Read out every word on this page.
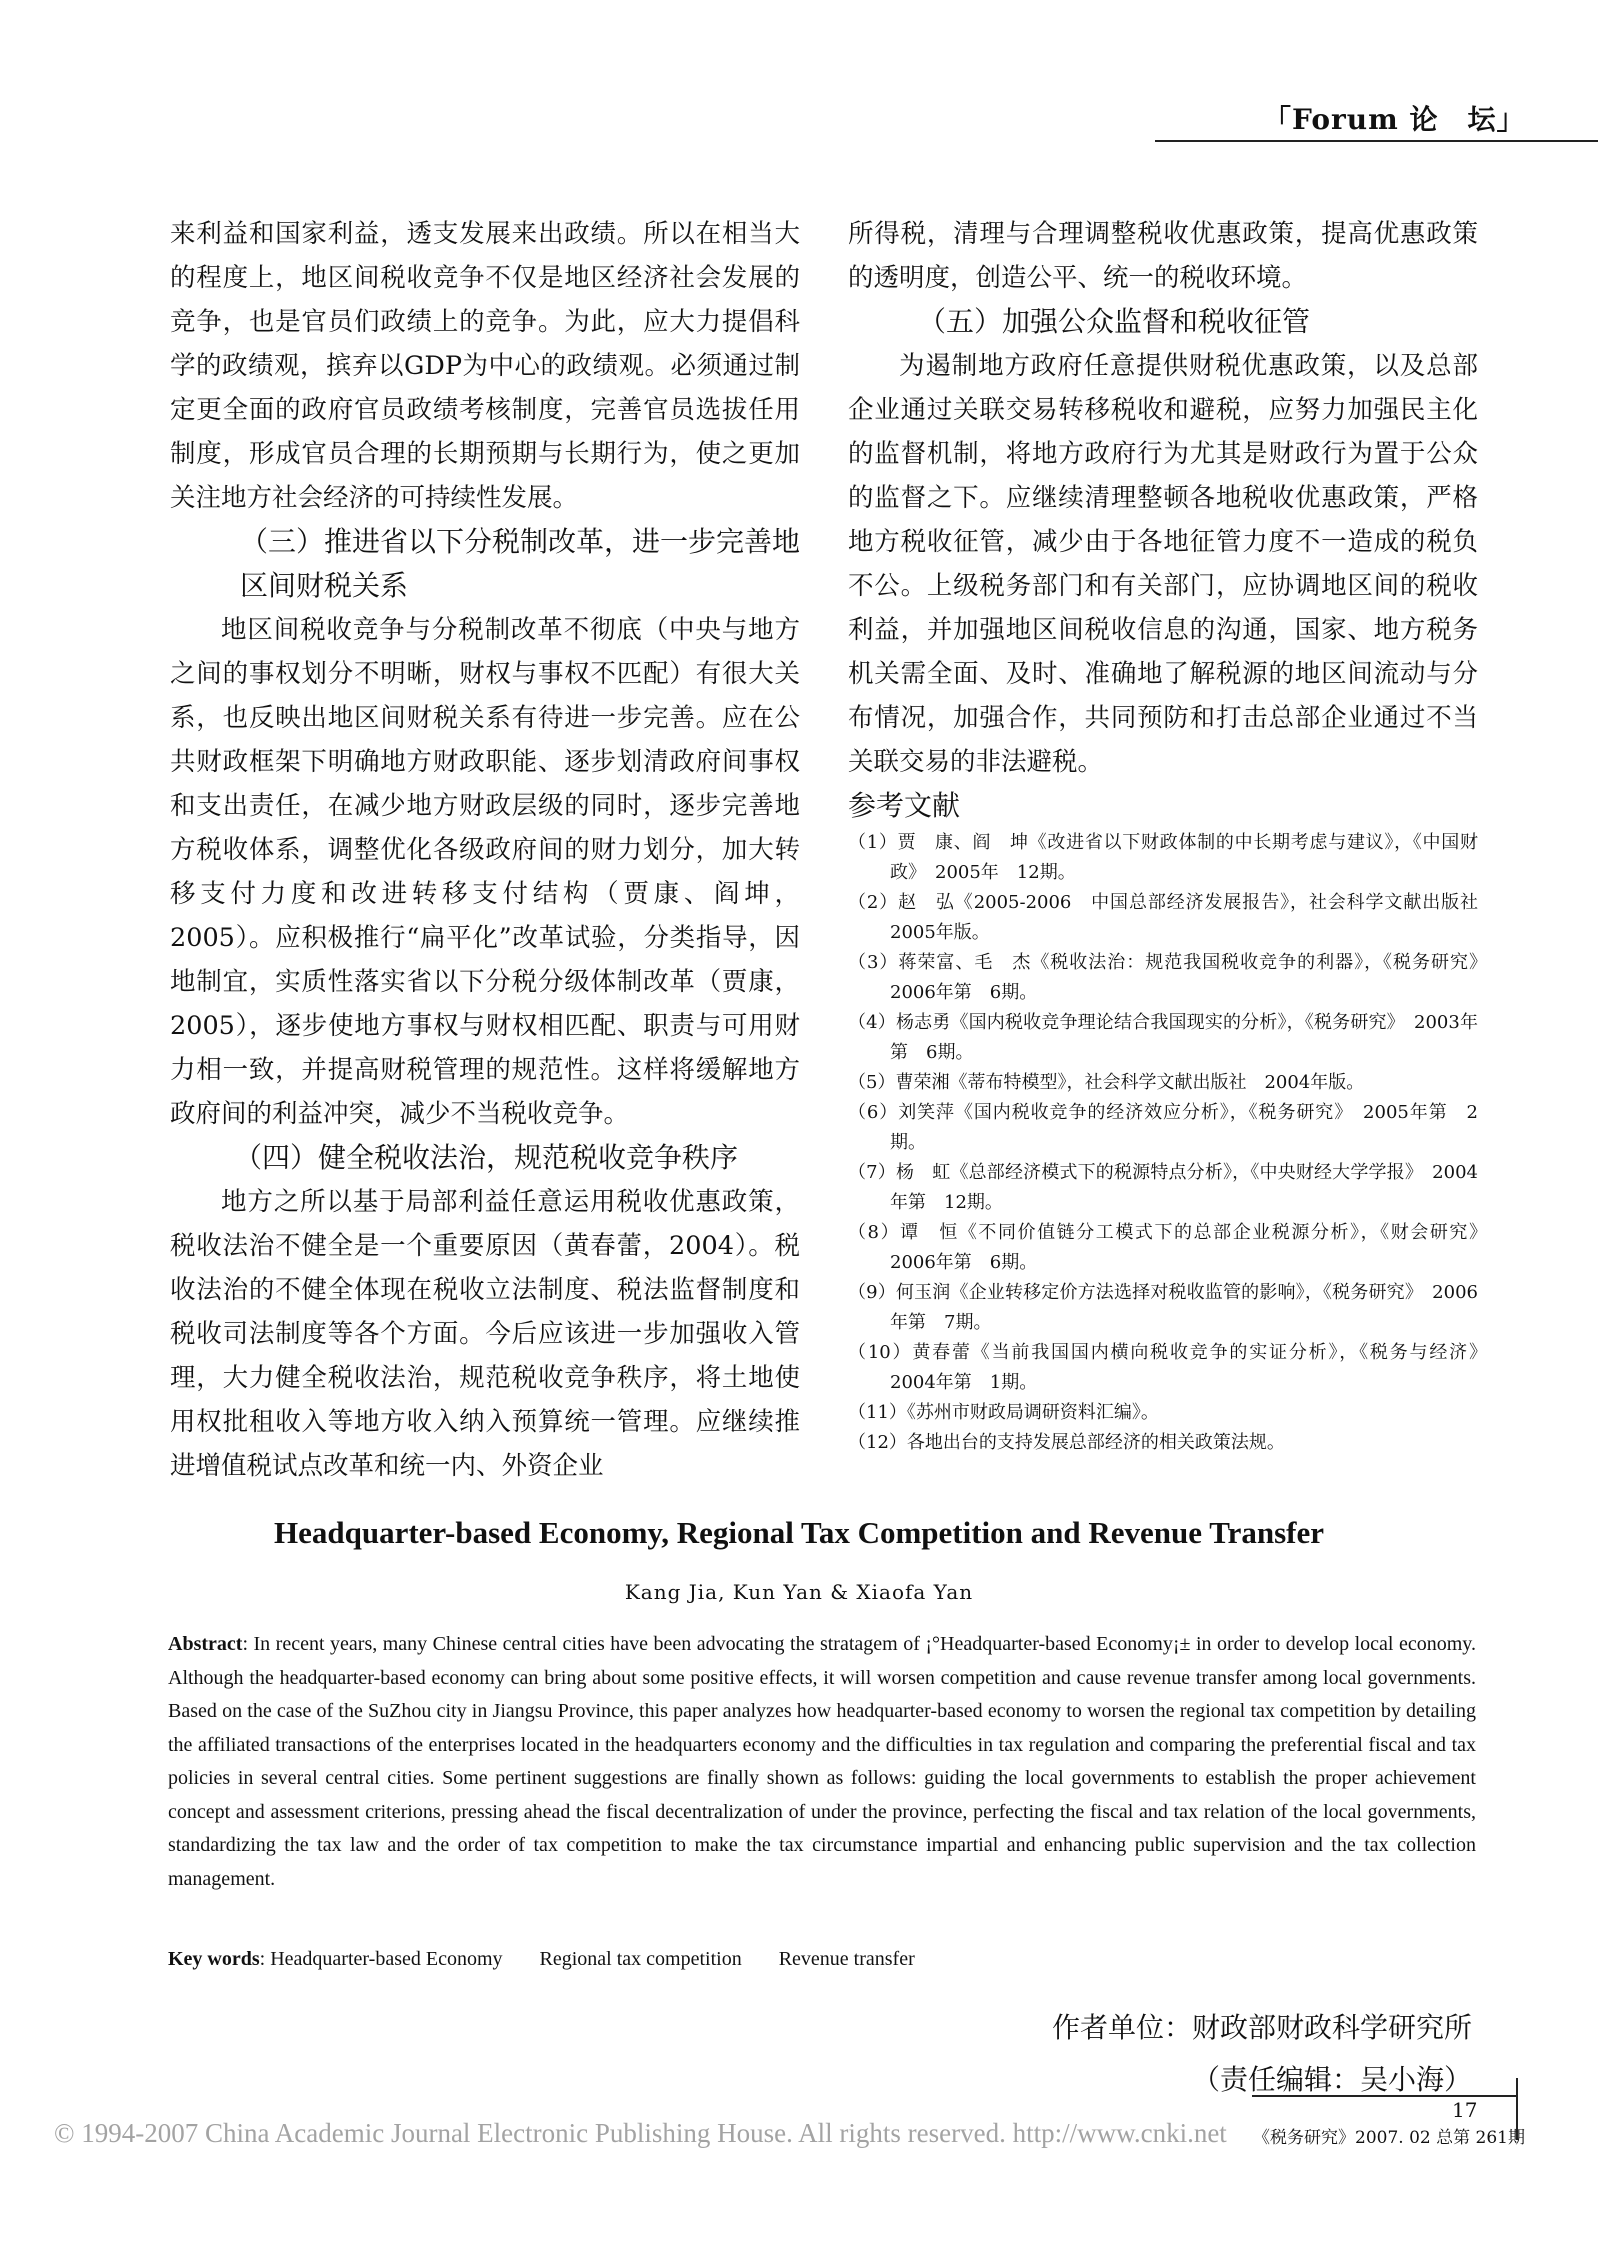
「Forum 论　坛」

来利益和国家利益，透支发展来出政绩。所以在相当大的程度上，地区间税收竞争不仅是地区经济社会发展的竞争，也是官员们政绩上的竞争。为此，应大力提倡科学的政绩观，摈弃以GDP为中心的政绩观。必须通过制定更全面的政府官员政绩考核制度，完善官员选拔任用制度，形成官员合理的长期预期与长期行为，使之更加关注地方社会经济的可持续性发展。

（三）推进省以下分税制改革，进一步完善地区间财税关系

地区间税收竞争与分税制改革不彻底（中央与地方之间的事权划分不明晰，财权与事权不匹配）有很大关系，也反映出地区间财税关系有待进一步完善。应在公共财政框架下明确地方财政职能、逐步划清政府间事权和支出责任，在减少地方财政层级的同时，逐步完善地方税收体系，调整优化各级政府间的财力划分，加大转移支付力度和改进转移支付结构（贾康、阎坤，2005）。应积极推行“扁平化”改革试验，分类指导，因地制宜，实质性落实省以下分税分级体制改革（贾康，2005），逐步使地方事权与财权相匹配、职责与可用财力相一致，并提高财税管理的规范性。这样将缓解地方政府间的利益冲突，减少不当税收竞争。

（四）健全税收法治，规范税收竞争秩序

地方之所以基于局部利益任意运用税收优惠政策，税收法治不健全是一个重要原因（黄春蕾，2004）。税收法治的不健全体现在税收立法制度、税法监督制度和税收司法制度等各个方面。今后应该进一步加强收入管理，大力健全税收法治，规范税收竞争秩序，将土地使用权批租收入等地方收入纳入预算统一管理。应继续推进增值税试点改革和统一内、外资企业

所得税，清理与合理调整税收优惠政策，提高优惠政策的透明度，创造公平、统一的税收环境。

（五）加强公众监督和税收征管

为遏制地方政府任意提供财税优惠政策，以及总部企业通过关联交易转移税收和避税，应努力加强民主化的监督机制，将地方政府行为尤其是财政行为置于公众的监督之下。应继续清理整顿各地税收优惠政策，严格地方税收征管，减少由于各地征管力度不一造成的税负不公。上级税务部门和有关部门，应协调地区间的税收利益，并加强地区间税收信息的沟通，国家、地方税务机关需全面、及时、准确地了解税源的地区间流动与分布情况，加强合作，共同预防和打击总部企业通过不当关联交易的非法避税。

参考文献

（1）贾　康、阎　坤《改进省以下财政体制的中长期考虑与建议》，《中国财政》　2005年　12期。

（2）赵　弘《2005-2006　中国总部经济发展报告》，社会科学文献出版社　2005年版。

（3）蒋荣富、毛　杰《税收法治：规范我国税收竞争的利器》，《税务研究》　2006年第　6期。

（4）杨志勇《国内税收竞争理论结合我国现实的分析》，《税务研究》　2003年第　6期。

（5）曹荣湘《蒂布特模型》，社会科学文献出版社　2004年版。

（6）刘笑萍《国内税收竞争的经济效应分析》，《税务研究》　2005年第　2期。

（7）杨　虹《总部经济模式下的税源特点分析》，《中央财经大学学报》　2004年第　12期。

（8）谭　恒《不同价值链分工模式下的总部企业税源分析》，《财会研究》　2006年第　6期。

（9）何玉润《企业转移定价方法选择对税收监管的影响》，《税务研究》　2006年第　7期。

（10）黄春蕾《当前我国国内横向税收竞争的实证分析》，《税务与经济》　2004年第　1期。

（11）《苏州市财政局调研资料汇编》。

（12）各地出台的支持发展总部经济的相关政策法规。

Headquarter-based Economy, Regional Tax Competition and Revenue Transfer
Kang Jia, Kun Yan & Xiaofa Yan
Abstract: In recent years, many Chinese central cities have been advocating the stratagem of ¡°Headquarter-based Economy¡± in order to develop local economy. Although the headquarter-based economy can bring about some positive effects, it will worsen competition and cause revenue transfer among local governments. Based on the case of the SuZhou city in Jiangsu Province, this paper analyzes how headquarter-based economy to worsen the regional tax competition by detailing the affiliated transactions of the enterprises located in the headquarters economy and the difficulties in tax regulation and comparing the preferential fiscal and tax policies in several central cities. Some pertinent suggestions are finally shown as follows: guiding the local governments to establish the proper achievement concept and assessment criterions, pressing ahead the fiscal decentralization of under the province, perfecting the fiscal and tax relation of the local governments, standardizing the tax law and the order of tax competition to make the tax circumstance impartial and enhancing public supervision and the tax collection management.
Key words: Headquarter-based Economy Regional tax competition Revenue transfer
作者单位：财政部财政科学研究所
（责任编辑：吴小海）
17
《税务研究》2007. 02 总第 261期
© 1994-2007 China Academic Journal Electronic Publishing House. All rights reserved. http://www.cnki.net
